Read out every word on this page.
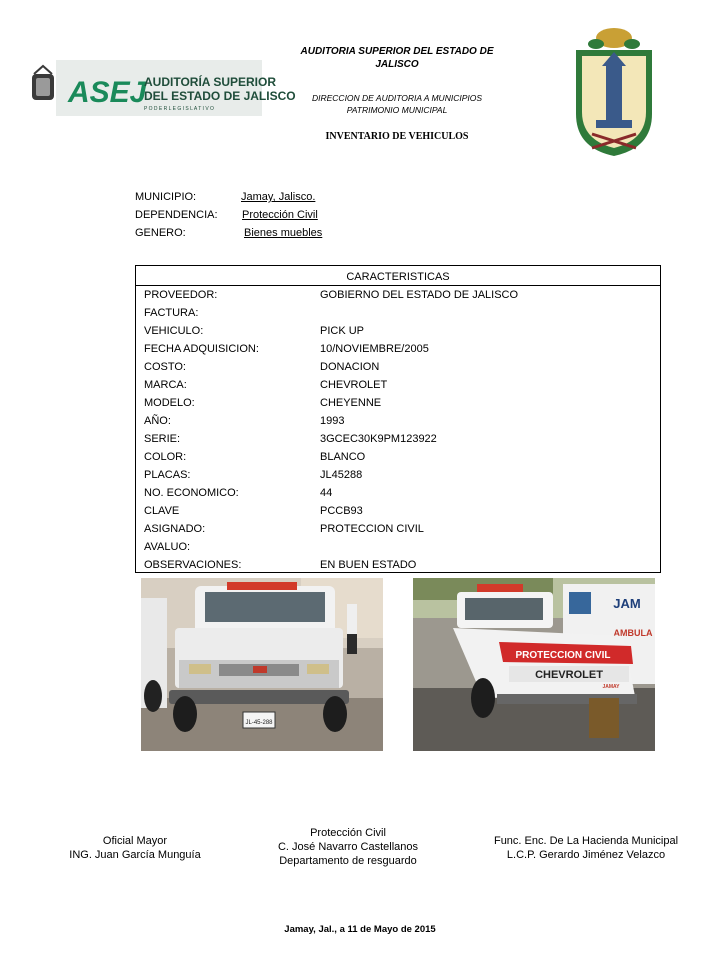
ASEJ
AUDITORÍA SUPERIOR
DEL ESTADO DE JALISCO
P O D E R L E G I S L A T I V O
AUDITORIA SUPERIOR DEL ESTADO DE
JALISCO
DIRECCION DE AUDITORIA A MUNICIPIOS
PATRIMONIO MUNICIPAL
INVENTARIO DE VEHICULOS
MUNICIPIO:	Jamay, Jalisco.
DEPENDENCIA: Protección Civil
GENERO:	Bienes muebles
CARACTERISTICAS
PROVEEDOR:	GOBIERNO DEL ESTADO DE JALISCO
FACTURA:
VEHICULO:	PICK UP
FECHA ADQUISICION:	10/NOVIEMBRE/2005
COSTO:	DONACION
MARCA:	CHEVROLET
MODELO:	CHEYENNE
AÑO:	1993
SERIE:	3GCEC30K9PM123922
COLOR:	BLANCO
PLACAS:	JL45288
NO. ECONOMICO:	44
CLAVE	PCCB93
ASIGNADO:	PROTECCION CIVIL
AVALUO:
OBSERVACIONES:	EN BUEN ESTADO
JL-45-288
JAM
AMBULA
PROTECCION CIVIL
CHEVROLET
JAMAY
Oficial Mayor
ING. Juan García Munguía
Protección Civil
C. José Navarro Castellanos
Departamento de resguardo
Func. Enc. De La Hacienda Municipal
L.C.P. Gerardo Jiménez Velazco
Jamay, Jal., a 11 de Mayo de 2015
